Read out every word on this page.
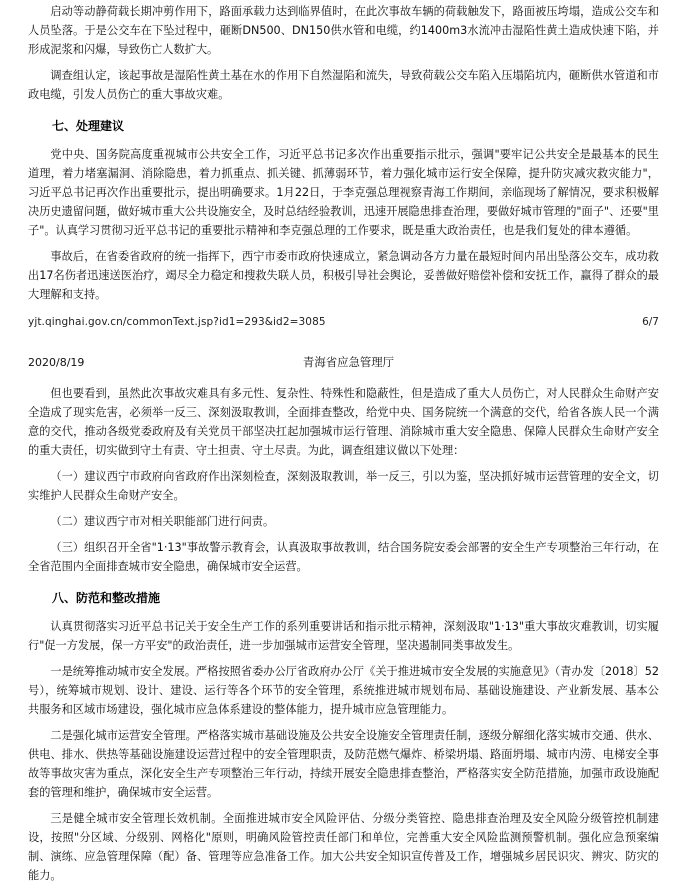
启动等动静荷载长期冲剪作用下，路面承载力达到临界值时，在此次事故车辆的荷载触发下，路面被压垮塌，造成公交车和人员坠落。于是公交车在下坠过程中，砸断DN500、DN150供水管和电缆，约1400m3水流冲击湿陷性黄土造成快速下陷，并形成泥浆和闪爆，导致伤亡人数扩大。

调查组认定，该起事故是湿陷性黄土基在水的作用下自然湿陷和流失，导致荷载公交车陷入压塌陷坑内，砸断供水管道和市政电缆，引发人员伤亡的重大事故灾难。

七、处理建议

党中央、国务院高度重视城市公共安全工作，习近平总书记多次作出重要指示批示，强调"要牢记公共安全是最基本的民生道理，着力堵塞漏洞、消除隐患，着力抓重点、抓关键、抓薄弱环节，着力强化城市运行安全保障，提升防灾减灾救灾能力"，习近平总书记再次作出重要批示，提出明确要求。1月22日，于李克强总理视察青海工作期间，亲临现场了解情况，要求积极解决历史遗留问题，做好城市重大公共设施安全，及时总结经验教训，迅速开展隐患排查治理，要做好城市管理的"面子"、还要"里子"。认真学习贯彻习近平总书记的重要批示精神和李克强总理的工作要求，既是重大政治责任，也是我们复处的律本遵循。

事故后，在省委省政府的统一指挥下，西宁市委市政府快速成立，紧急调动各方力量在最短时间内吊出坠落公交车，成功救出17名伤者迅速送医治疗，竭尽全力稳定和搜救失联人员，积极引导社会舆论，妥善做好赔偿补偿和安抚工作，赢得了群众的最大理解和支持。

yjt.qinghai.gov.cn/commonText.jsp?id1=293&id2=3085	6/7
2020/8/19	青海省应急管理厅

但也要看到，虽然此次事故灾难具有多元性、复杂性、特殊性和隐蔽性，但是造成了重大人员伤亡，对人民群众生命财产安全造成了现实危害，必须举一反三、深刻汲取教训，全面排查整改，给党中央、国务院统一个满意的交代，给省各族人民一个满意的交代，推动各级党委政府及有关党员干部坚决扛起加强城市运行管理、消除城市重大安全隐患、保障人民群众生命财产安全的重大责任，切实做到守土有责、守土担责、守土尽责。为此，调查组建议做以下处理：

（一）建议西宁市政府向省政府作出深刻检查，深刻汲取教训，举一反三，引以为鉴，坚决抓好城市运营管理的安全文，切实维护人民群众生命财产安全。

（二）建议西宁市对相关职能部门进行问责。

（三）组织召开全省"1·13"事故警示教育会，认真汲取事故教训，结合国务院安委会部署的安全生产专项整治三年行动，在全省范围内全面排查城市安全隐患，确保城市安全运营。

八、防范和整改措施

认真贯彻落实习近平总书记关于安全生产工作的系列重要讲话和指示批示精神，深刻汲取"1·13"重大事故灾难教训，切实履行"促一方发展，保一方平安"的政治责任，进一步加强城市运营安全管理，坚决遏制同类事故发生。

一是统筹推动城市安全发展。严格按照省委办公厅省政府办公厅《关于推进城市安全发展的实施意见》（青办发〔2018〕52号），统筹城市规划、设计、建设、运行等各个环节的安全管理，系统推进城市规划布局、基础设施建设、产业新发展、基本公共服务和区域市场建设，强化城市应急体系建设的整体能力，提升城市应急管理能力。

二是强化城市运营安全管理。严格落实城市基础设施及公共安全设施安全管理责任制，逐级分解细化落实城市交通、供水、供电、排水、供热等基础设施建设运营过程中的安全管理职责，及防范燃气爆炸、桥梁坍塌、路面坍塌、城市内涝、电梯安全事故等事故灾害为重点，深化安全生产专项整治三年行动，持续开展安全隐患排查整治，严格落实安全防范措施，加强市政设施配套的管理和维护，确保城市安全运营。

三是健全城市安全管理长效机制。全面推进城市安全风险评估、分级分类管控、隐患排查治理及安全风险分级管控机制建设，按照"分区域、分级别、网格化"原则，明确风险管控责任部门和单位，完善重大安全风险监测预警机制。强化应急预案编制、演练、应急管理保障（配）备、管理等应急准备工作。加大公共安全知识宣传普及工作，增强城乡居民识灾、辨灾、防灾的能力。
